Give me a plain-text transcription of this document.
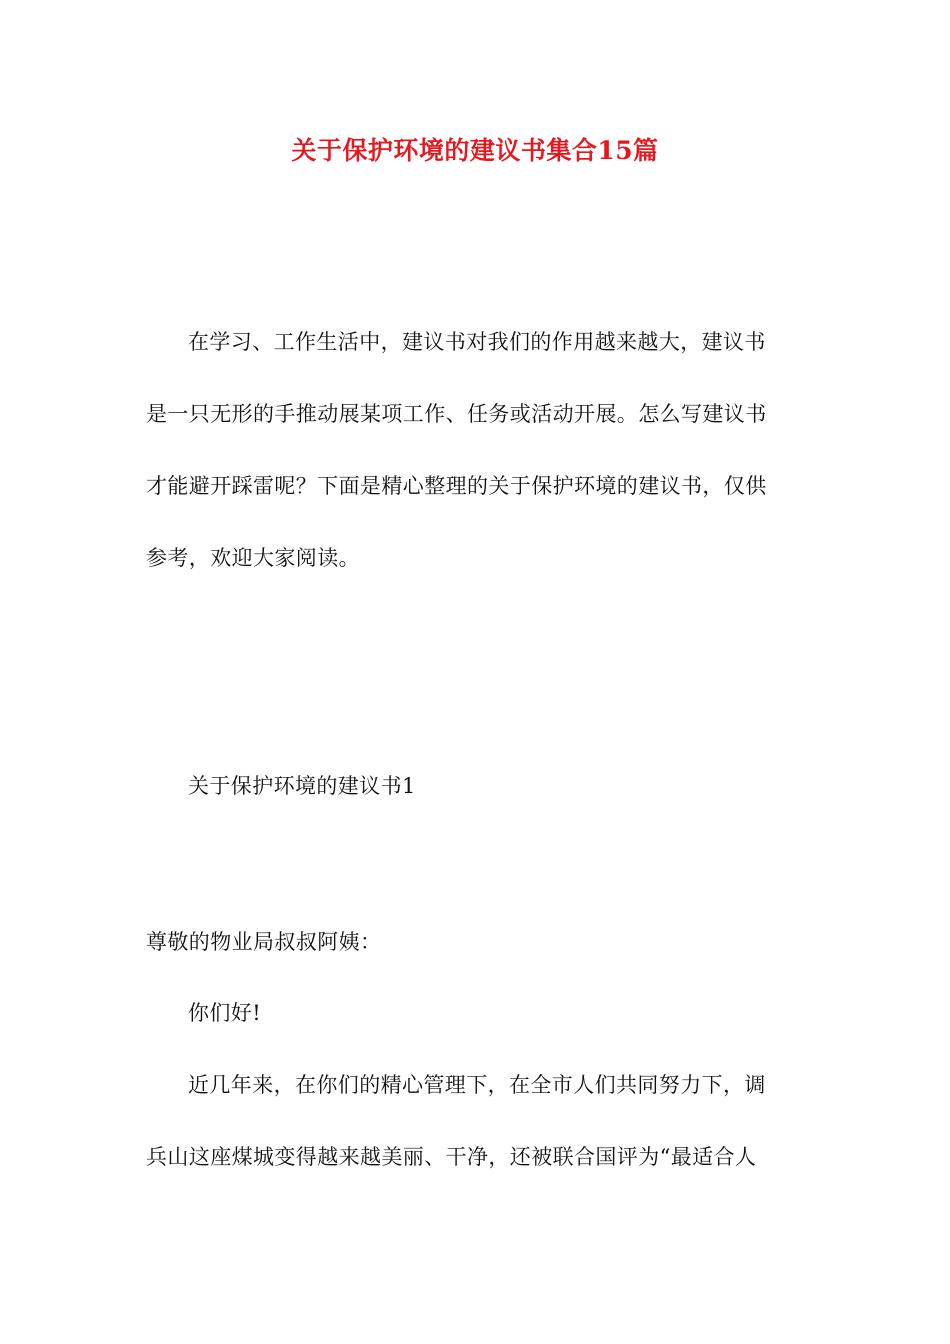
关于保护环境的建议书集合15篇

在学习、工作生活中，建议书对我们的作用越来越大，建议书

是一只无形的手推动展某项工作、任务或活动开展。怎么写建议书

才能避开踩雷呢？下面是精心整理的关于保护环境的建议书，仅供

参考，欢迎大家阅读。

关于保护环境的建议书1

尊敬的物业局叔叔阿姨：

你们好!

近几年来，在你们的精心管理下，在全市人们共同努力下，调

兵山这座煤城变得越来越美丽、干净，还被联合国评为“最适合人
